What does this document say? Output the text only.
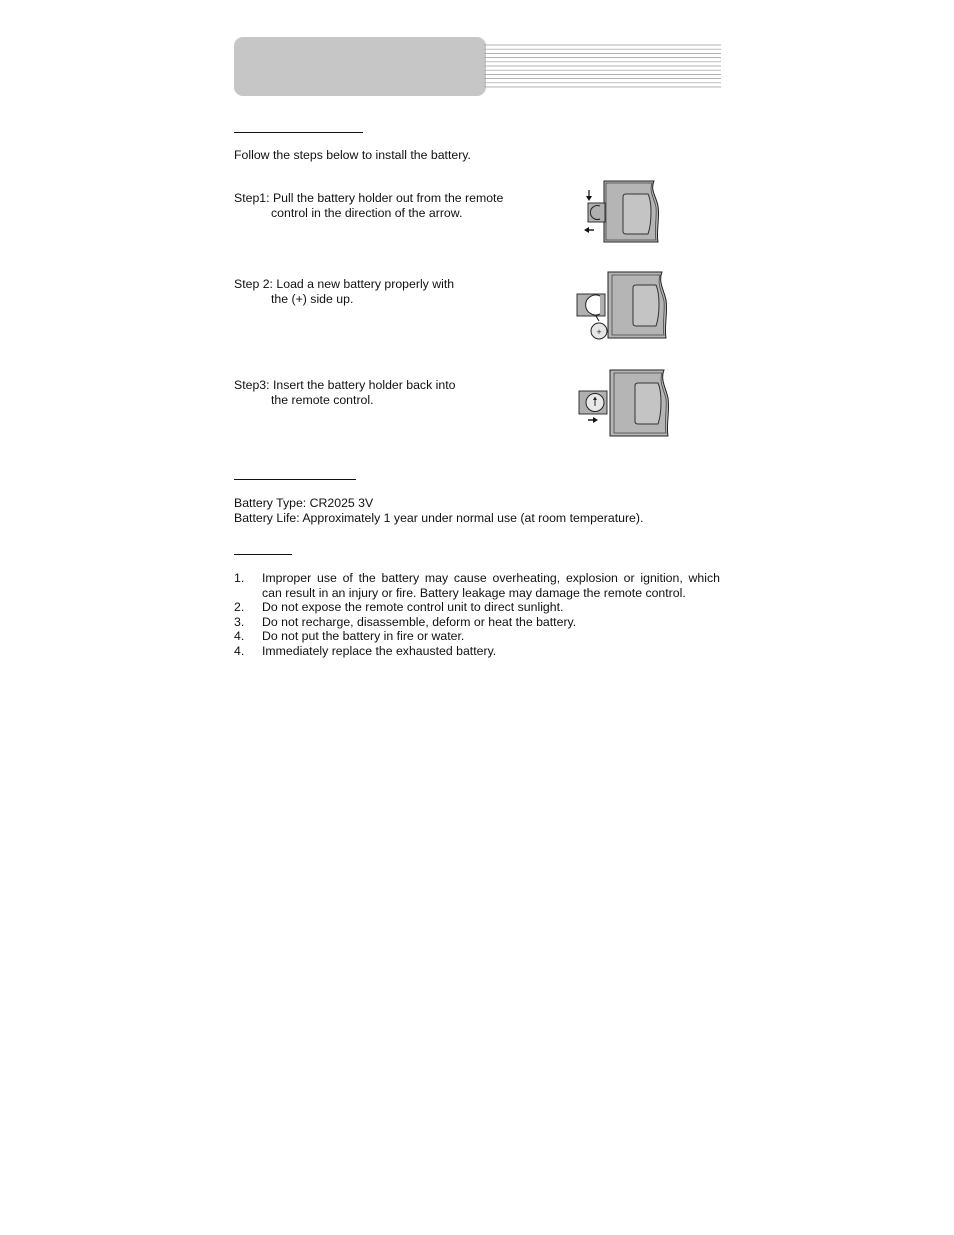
Follow the steps below to install the battery.
Step1: Pull the battery holder out from the remote
control in the direction of the arrow.
Step 2: Load a new battery properly with
the (+) side up.
Step3: Insert the battery holder back into
the remote control.
+
Battery Type: CR2025 3V
Battery Life: Approximately 1 year under normal use (at room temperature).
1. Improper use of the battery may cause overheating, explosion or ignition, which
can result in an injury or fire. Battery leakage may damage the remote control.
2. Do not expose the remote control unit to direct sunlight.
3. Do not recharge, disassemble, deform or heat the battery.
4. Do not put the battery in fire or water.
4. Immediately replace the exhausted battery.
